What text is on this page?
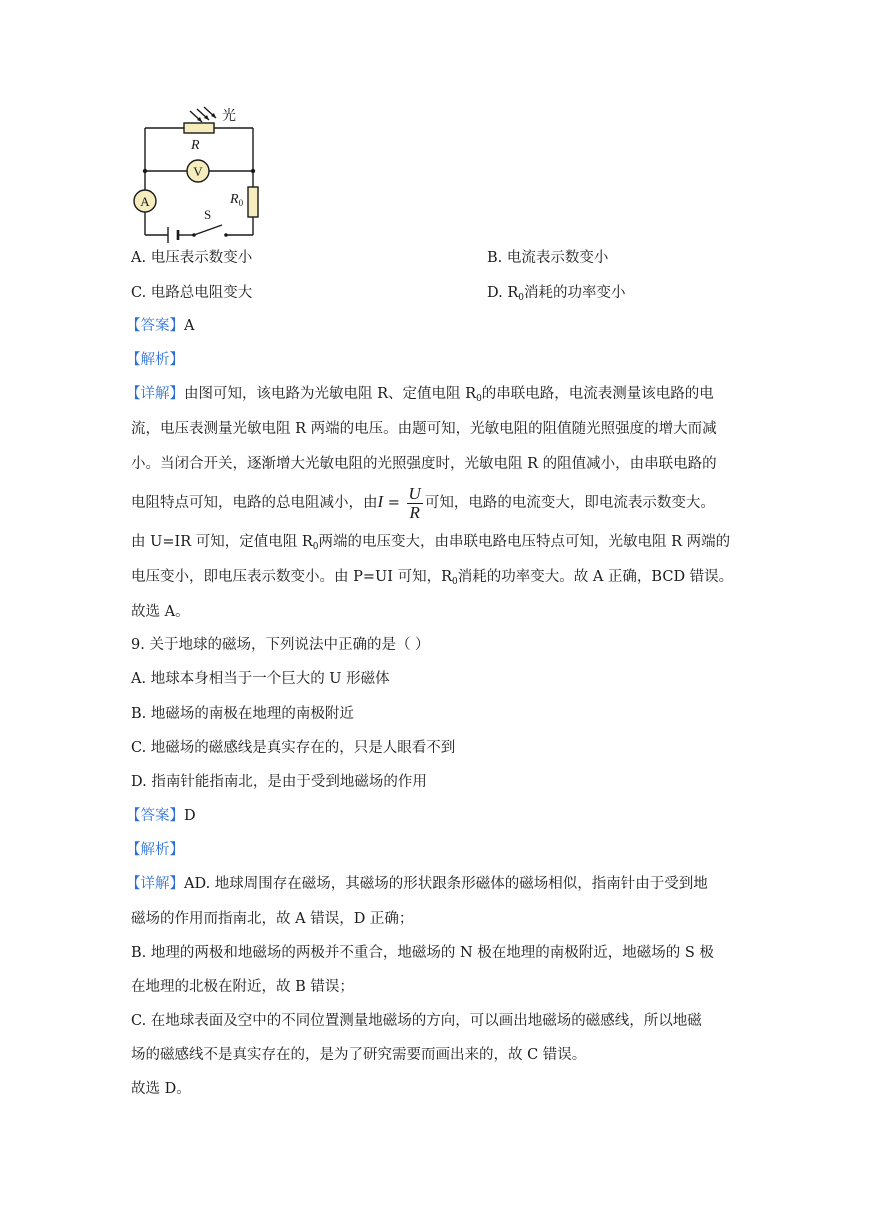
V
A
光
R
$R_0$
S
A. 电压表示数变小	B. 电流表示数变小
C. 电路总电阻变大	D. $R_0$消耗的功率变小
【答案】A
【解析】
【详解】由图可知，该电路为光敏电阻 R、定值电阻 $R_0$的串联电路，电流表测量该电路的电
流，电压表测量光敏电阻 R 两端的电压。由题可知，光敏电阻的阻值随光照强度的增大而减
小。当闭合开关，逐渐增大光敏电阻的光照强度时，光敏电阻 R 的阻值减小，由串联电路的
电阻特点可知，电路的总电阻减小，由$I = \frac{U}{R}$ 可知，电路的电流变大，即电流表示数变大。
由 U=IR 可知，定值电阻 $R_0$两端的电压变大，由串联电路电压特点可知，光敏电阻 R 两端的
电压变小，即电压表示数变小。由 P=UI 可知，$R_0$消耗的功率变大。故 A 正确，BCD 错误。
故选 A。
9. 关于地球的磁场，下列说法中正确的是（ ）
A. 地球本身相当于一个巨大的 U 形磁体
B. 地磁场的南极在地理的南极附近
C. 地磁场的磁感线是真实存在的，只是人眼看不到
D. 指南针能指南北，是由于受到地磁场的作用
【答案】D
【解析】
【详解】AD. 地球周围存在磁场，其磁场的形状跟条形磁体的磁场相似，指南针由于受到地
磁场的作用而指南北，故 A 错误，D 正确；
B. 地理的两极和地磁场的两极并不重合，地磁场的 N 极在地理的南极附近，地磁场的 S 极
在地理的北极在附近，故 B 错误；
C. 在地球表面及空中的不同位置测量地磁场的方向，可以画出地磁场的磁感线，所以地磁
场的磁感线不是真实存在的，是为了研究需要而画出来的，故 C 错误。
故选 D。
